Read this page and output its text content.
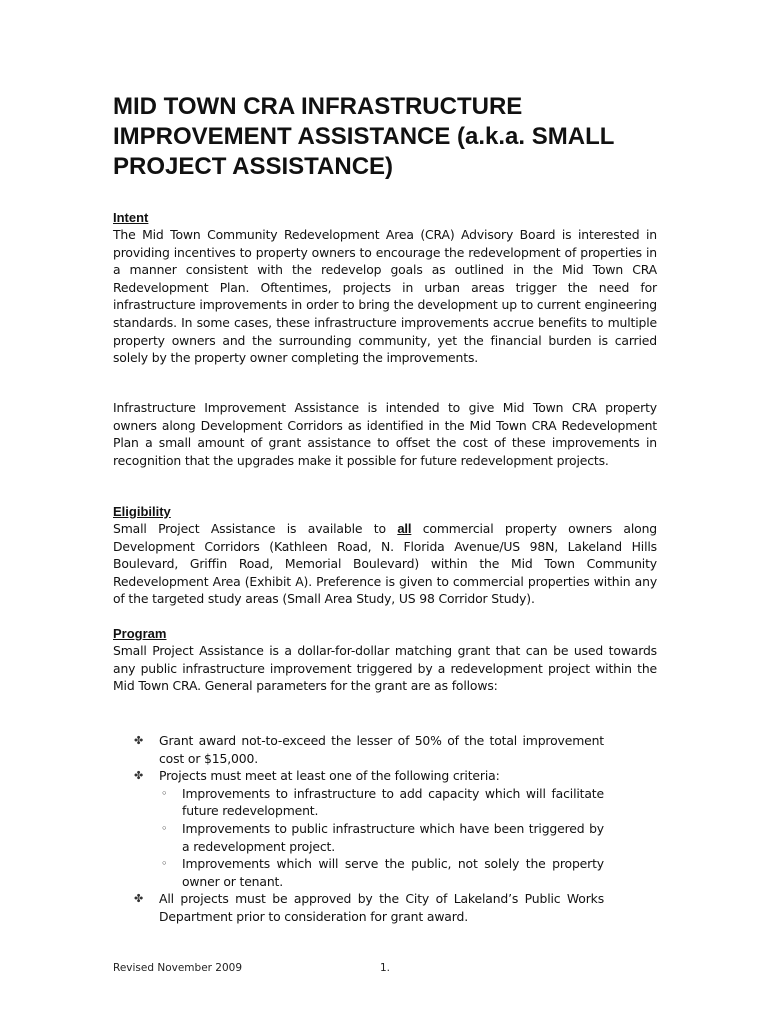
MID TOWN CRA INFRASTRUCTURE IMPROVEMENT ASSISTANCE (a.k.a. SMALL PROJECT ASSISTANCE)

Intent

The Mid Town Community Redevelopment Area (CRA) Advisory Board is interested in providing incentives to property owners to encourage the redevelopment of properties in a manner consistent with the redevelop goals as outlined in the Mid Town CRA Redevelopment Plan. Oftentimes, projects in urban areas trigger the need for infrastructure improvements in order to bring the development up to current engineering standards. In some cases, these infrastructure improvements accrue benefits to multiple property owners and the surrounding community, yet the financial burden is carried solely by the property owner completing the improvements.

Infrastructure Improvement Assistance is intended to give Mid Town CRA property owners along Development Corridors as identified in the Mid Town CRA Redevelopment Plan a small amount of grant assistance to offset the cost of these improvements in recognition that the upgrades make it possible for future redevelopment projects.

Eligibility

Small Project Assistance is available to all commercial property owners along Development Corridors (Kathleen Road, N. Florida Avenue/US 98N, Lakeland Hills Boulevard, Griffin Road, Memorial Boulevard) within the Mid Town Community Redevelopment Area (Exhibit A). Preference is given to commercial properties within any of the targeted study areas (Small Area Study, US 98 Corridor Study).

Program

Small Project Assistance is a dollar-for-dollar matching grant that can be used towards any public infrastructure improvement triggered by a redevelopment project within the Mid Town CRA. General parameters for the grant are as follows:

✤ Grant award not-to-exceed the lesser of 50% of the total improvement cost or $15,000.
✤ Projects must meet at least one of the following criteria:
◦ Improvements to infrastructure to add capacity which will facilitate future redevelopment.
◦ Improvements to public infrastructure which have been triggered by a redevelopment project.
◦ Improvements which will serve the public, not solely the property owner or tenant.
✤ All projects must be approved by the City of Lakeland’s Public Works Department prior to consideration for grant award.
Revised November 2009	1.
